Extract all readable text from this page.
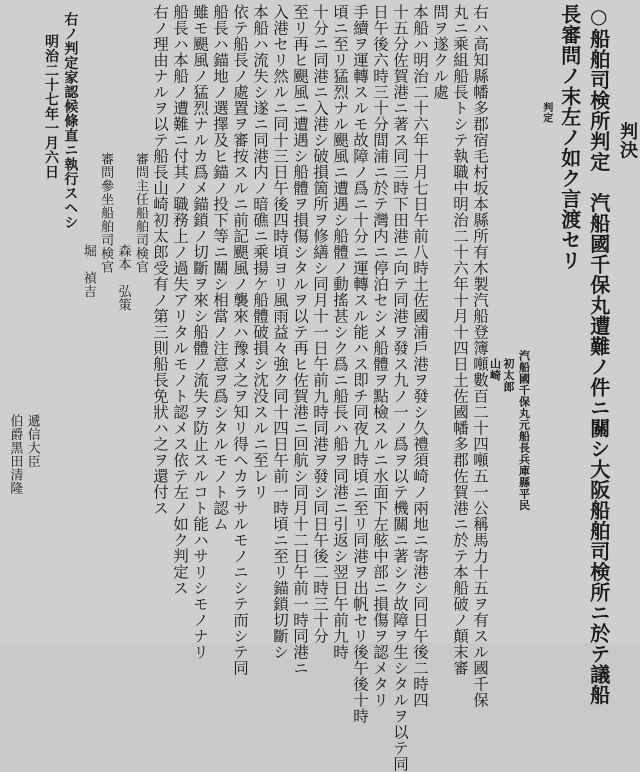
判決
○船舶司検所判定　汽船國千保丸遭難ノ件ニ關シ大阪船舶司検所ニ於テ議船
長審問ノ末左ノ如ク言渡セリ
判定
汽船國千保丸元船長兵庫縣平民
初太郎
山崎
右ハ高知縣幡多郡宿毛村坂本縣所有木製汽船登簿噸數百二十四噸五一公稱馬力十五ヲ有スル國千保
丸ニ乘組船長トシテ執職中明治二十六年十月十四日土佐國幡多郡佐賀港ニ於テ本船破ノ顛末審
問ヲ遂クル處
本船ハ明治二十六年十月七日午前八時土佐國浦戶港ヲ發シ久禮須崎ノ兩地ニ寄港シ同日午後二時四
十五分佐賀港ニ著ス同三時下田港ニ向テ同港ヲ發ス九ノ一ノ爲ヲ以テ機關ニ著シク故障ヲ生シタルヲ以テ同
日午後六時三十分間浦ニ於テ灣内ニ停泊セシメ船體ヲ點檢スルニ水面下左舷中部ニ損傷ヲ認メタリ
手續ヲ運轉スルモ故障ノ爲ニ十分ニ運轉スル能ハス即チ同夜九時頃ニ至リ同港ヲ出帆セリ後午後十時
頃ニ至リ猛烈ナル颶風ニ遭遇シ船體ノ動搖甚シク爲ニ船長ハ船ヲ同港ニ引返シ翌日午前九時
十分ニ同港ニ入港シ破損箇所ヲ修繕シ同月十一日午前九時同港ヲ發シ同日午後二時三十分
至リ再ヒ颶風ニ遭遇シ船體ヲ損傷シタルヲ以テ再ヒ佐賀港ニ回航シ同月十二日午前一時同港ニ
入港セリ然ルニ同十三日午後四時頃ヨリ風雨益々強ク同十四日午前一時頃ニ至リ錨鎖切斷シ
本船ハ流失シ遂ニ同港内ノ暗礁ニ乘揚ケ船體破損シ沈没スルニ至レリ
依テ船長ノ處置ヲ審按スルニ前記颶風ノ襲來ハ豫メ之ヲ知リ得ヘカラサルモノニシテ而シテ同
船長ハ錨地ノ選擇及ヒ錨ノ投下等ニ關シ相當ノ注意ヲ爲シタルモノト認ム
雖モ颶風ノ猛烈ナルカ爲メ錨鎖ノ切斷ヲ來シ船體ノ流失ヲ防止スルコト能ハサリシモノナリ
船長ハ本船ノ遭難ニ付其ノ職務上ノ過失アリタルモノト認メス依テ左ノ如ク判定ス
右ノ理由ナルヲ以テ船長山崎初太郎受有ノ第三則船長免狀ハ之ヲ還付ス
審問主任船舶司検官
森本　弘策
審問參坐船舶司検官
堀　禎吉
右ノ判定家認候條直ニ執行スヘシ
明治二十七年一月六日
遞信大臣
伯爵黑田清隆
